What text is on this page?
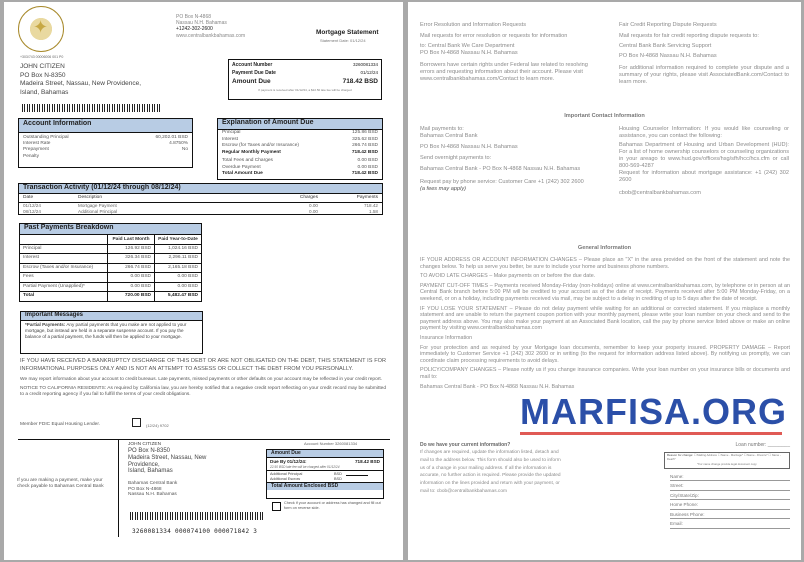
✦	PO Box N-4868
Nassau N.H. Bahamas
+1242-302-2600
www.centralbankbahamas.com	Mortgage Statement
Statement Date: 01/12/24
+303/743 00006006 001 P0
JOHN CITIZEN
PO Box N-8350
Madeira Street, Nassau, New Providence,
Island, Bahamas
Account Number	3260081334
Payment Due Date	01/12/24
Amount Due	718.42 BSD
If payment is received after 01/12/24, a $22.50 late fee will be charged
Account Information
Outstanding Principal	60,202.01 BSD
Interest Rate	4.8750%
Prepayment	No
Penalty
Explanation of Amount Due
Principal	125.86 BSD
Interest	325.62 BSD
Escrow (for Taxes and/or Insurance)	266.74 BSD
Regular Monthly Payment	718.42 BSD
Total Fees and Charges	0.00 BSD
Overdue Payment	0.00 BSD
Total Amount Due	718.42 BSD
Transaction Activity (01/12/24 through 08/12/24)
Date	Description	Charges	Payments
01/12/24	Mortgage Payment	0.00	718.42
08/12/24	Additional Principal	0.00	1.58
Past Payments Breakdown
	Paid Last Month	Paid Year-to-Date
Principal	126.92 BSD	1,024.16 BSD
Interest	326.34 BSD	2,296.11 BSD
Escrow (Taxes and/or Insurance)	266.74 BSD	2,165.18 BSD
Fees	0.00 BSD	0.00 BSD
Partial Payment (Unapplied)*	0.00 BSD	0.00 BSD
Total	720.00 BSD	5,482.47 BSD
Important Messages
*Partial Payments: Any partial payments that you make are not applied to your mortgage, but instead are held in a separate suspense account. If you pay the balance of a partial payment, the funds will then be applied to your mortgage.

IF YOU HAVE RECEIVED A BANKRUPTCY DISCHARGE OF THIS DEBT OR ARE NOT OBLIGATED ON THE DEBT, THIS STATEMENT IS FOR INFORMATIONAL PURPOSES ONLY AND IS NOT AN ATTEMPT TO ASSESS OR COLLECT THE DEBT FROM YOU PERSONALLY.

We may report information about your account to credit bureaus. Late payments, missed payments or other defaults on your account may be reflected in your credit report.

NOTICE TO CALIFORNIA RESIDENTS: As required by California law, you are hereby notified that a negative credit report reflecting on your credit record may be submitted to a credit reporting agency if you fail to fulfill the terms of your credit obligations.

Member FDIC Equal Housing Lender.	(12/24) 9702
If you are making a payment, make your check payable to Bahamas Central Bank
JOHN CITIZEN
PO Box N-8350
Madeira Street, Nassau, New
Providence,
Island, Bahamas
Bahamas Central Bank
PO Box N-4868
Nassau N.H. Bahamas
3260081334 000074100 000071842 3
Account Number 3260081334
Amount Due
Due By 01/12/24:	718.42 BSD
22.50 BSD late fee will be charged after 01/12/24
Additional Principal	BSD
Additional Escrow	BSD
Total Amount Enclosed BSD
Check if your account or address has changed and fill out form on reverse side.
Error Resolution and Information Requests
Mail requests for error resolution or requests for information
to: Central Bank We Care Department
PO Box N-4868 Nassau N.H. Bahamas
Borrowers have certain rights under Federal law related to resolving errors and requesting information about their account. Please visit www.centralbankbahamas.com/Contact to learn more.
Fair Credit Reporting Dispute Requests
Mail requests for fair credit reporting dispute requests to:
Central Bank Bank Servicing Support
PO Box N-4868 Nassau N.H. Bahamas
For additional information required to complete your dispute and a summary of your rights, please visit AssociatedBank.com/Contact to learn more.
Important Contact Information
Mail payments to:
Bahamas Central Bank
PO Box N-4868 Nassau N.H. Bahamas
Send overnight payments to:
Bahamas Central Bank - PO Box N-4868 Nassau N.H. Bahamas
Request pay by phone service: Customer Care +1 (242) 302 2600
(a fees may apply)
Housing Counselor Information: If you would like counseling or assistance, you can contact the following:
Bahamas Department of Housing and Urban Development (HUD): For a list of home ownership counselors or counseling organizations in your areago to www.hud.gov/offices/hsg/sfh/hcc/hcs.cfm or call 800-569-4287
Request for information about mortgage assistance: +1 (242) 302 2600
cbob@centralbankbahamas.com
General Information

IF YOUR ADDRESS OR ACCOUNT INFORMATION CHANGES – Please place an "X" in the area provided on the front of the statement and note the changes below. To help us serve you better, be sure to include your home and business phone numbers.

TO AVOID LATE CHARGES – Make payments on or before the due date.

PAYMENT CUT-OFF TIMES – Payments received Monday-Friday (non-holidays) online at www.centralbankbahamas.com, by telephone or in person at an Central Bank branch before 5:00 PM will be credited to your account as of the date of receipt. Payments received after 5:00 PM Monday-Friday, on a weekend, or on a holiday, including payments received via mail, may be subject to a delay in crediting of up to 5 days after the date of receipt.

IF YOU LOSE YOUR STATEMENT – Please do not delay payment while waiting for an additional or corrected statement. If you misplace a monthly statement and are unable to return the payment coupon portion with your monthly payment, please write your loan number on your check and send to the payment address above. You may also make your payment at an Associated Bank location, call the pay by phone service listed above or make an online payment by visiting www.centralbankbahamas.com

Insurance Information

For your protection and as required by your Mortgage loan documents, remember to keep your property insured. PROPERTY DAMAGE – Report immediately to Customer Service +1 (242) 302 2600 or in writing (to the request for information address listed above). By notifying us promptly, we can coordinate claim processing requirements to avoid delays.

POLICY/COMPANY CHANGES – Please notify us if you change insurance companies. Write your loan number on your insurance bills or documents and mail to:

Bahamas Central Bank - PO Box N-4868 Nassau N.H. Bahamas

MARFISA.ORG
Do we have your current information?
If changes are required, update the information listed, detach and mail to the address below. This form should also be used to inform us of a change in your mailing address. If all the information is accurate, no further action is required. Please provide the updated information on the lines provided and return with your payment, or mail to: cbob@centralbankbahamas.com
Loan number: ________
Reason for change: ☐ Mailing Address ☐ Name - Marriage* ☐ Name - Divorce* ☐ Name - Death*
*For name change provide legal document copy
Name:
Street:
City/State/Zip:
Home Phone:
Business Phone:
Email:
